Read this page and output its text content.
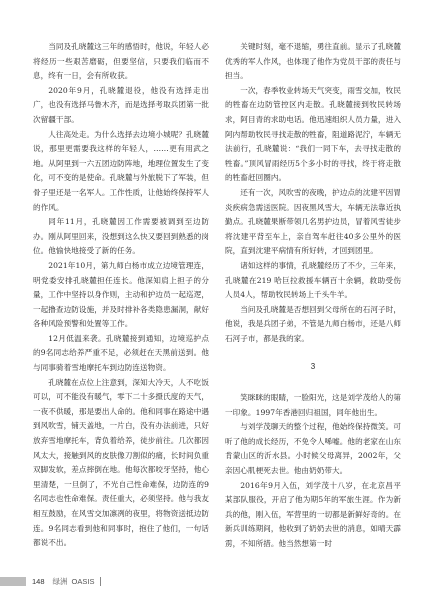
当同及孔晓麓这三年的感悟时，他说，年轻人必将经历一些艰苦磨砺，但要坚信，只要我们临而不息，终有一日，会有所收获。

2020年9月，孔晓麓退役，他没有选择走出广，也没有选择马鲁木齐，而是选择考取兵团第一批次留疆干部。

人往高处走。为什么选择去边境小城呢？孔晓麓说，那里更需要我这样的年轻人，……更有用武之地。从阿里到一六五团边防阵地，地理位置发生了变化，可不变的是使命。孔晓麓与外旅脱下了军装，但骨子里还是一名军人。工作性质，让他始终保持军人的作风。

同年11月，孔晓麓因工作需要被调到至边防办。刚从阿里回来，没想到这么快又要回到熟悉的岗位。他愉快地接受了新的任务。

2021年10月，第九师白杨市成立边境管理连，明党委安排孔晓麓担任连长。他深知肩上担子的分量，工作中坚持以身作则，主动和护边员一起巡逻，一起撸查边防设施，并及时排补各类隐患漏洞，献好各种风险预警和处置等工作。

12月低温来袭。孔晓麓接到通知，边境巡护点的9名同志给养严重不足，必须赶在天黑前送到。他与同事骑着雪地摩托车到边防连送物资。

孔晓麓在点位上注意到，深知大冷天，人不吃饭可以，可不能没有暖气，零下二十多摄氏度的天气，一夜不供暖，那是要出人命的。他和同事在路途中遇到风吹雪，铺天盖地，一片白，没有办法前进，只好放弃雪地摩托车，背负着给养，徒步前往。几次都因风太大，接触到风的皮肤像刀割似的痛，长时间负重双脚发软，差点摔倒在地。他每次都咬牙坚持，他心里清楚，一旦倒了，不光自己性命难保，边防连的9名同志也性命难保。责任重大，必须坚持。他与我友相互鼓励，在风雪交加凛冽的夜里，将物资送抵边防连。9名同志看到他和同事时，抱住了他们，一句话都说不出。

关键时刻，毫不退缩，勇往直前。显示了孔晓麓优秀的军人作风，也体现了他作为党员干部的责任与担当。

一次，春季牧业转场天气突变，雨雪交加，牧民的牲畜在边防管控区内走散。孔晓麓接到牧民转场求，阿目青的求助电话。他迅速组织人员力量，进入阿内帮助牧民寻找走散的牲畜，阻道路泥泞，车辆无法前行，孔晓麓说：“我们一同下车，去寻找走散的牲畜。”顶风冒雨经历5个多小时的寻找，终于将走散的牲畜赶回圈内。

还有一次，风吹雪的夜晚，护边点的沈建平因胃炎疾病急需送医院。因夜黑风雪大，车辆无法靠近执勤点。孔晓麓果断带领几名男护边员，冒着风雪徒步将沈建平背至车上，亲自驾车赶往40多公里外的医院，直到沈建平病情有所好转，才回到团里。

诸如这样的事情，孔晓麓经历了不少，三年来，孔晓麓在219 哈巨拉救援车辆百十余辆，救助受伤人员4人，帮助牧民转场上千头牛羊。

当问及孔晓麓是否想回到父母所在的石河子时，他说，我是兵团子弟，不管是九师白杨市，还是八师石河子市，都是我的家。

3

笑眯眯的眼睛，一脸阳光，这是刘学茂给人的第一印象。1997年香港回归祖国，同年他出生。

与刘学茂聊天的整个过程，他始终保持微笑。可听了他的成长经历，不免令人唏嘘。他的老家在山东肯蒙山区的沂水县。小时候父母离异，2002年，父亲因心肌梗死去世。他由奶奶带大。

2016年9月入伍，刘学茂十八岁，在北京昌平某部队服役，开启了他为期5年的军旅生涯。作为新兵的他，刚入伍，军营里的一切都是新鲜好奇的。在新兵训练期间，他收到了奶奶去世的消息，如晴天霹雳，不知所措。他当然想第一时

148 绿洲 OASIS
